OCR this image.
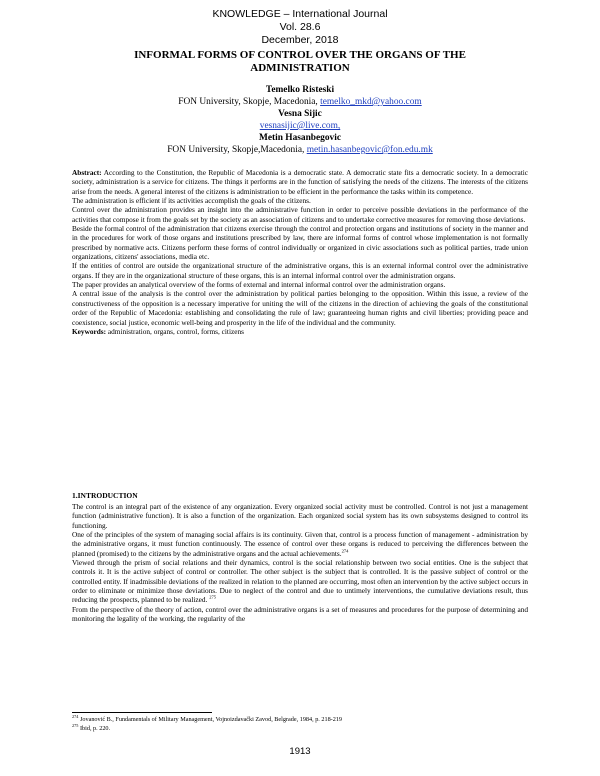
KNOWLEDGE – International Journal
Vol. 28.6
December, 2018
INFORMAL FORMS OF CONTROL OVER THE ORGANS OF THE
ADMINISTRATION
Temelko Risteski
FON University, Skopje, Macedonia, temelko_mkd@yahoo.com
Vesna Sijic
vesnasijic@live.com,
Metin Hasanbegovic
FON University, Skopje,Macedonia, metin.hasanbegovic@fon.edu.mk

Abstract: According to the Constitution, the Republic of Macedonia is a democratic state. A democratic state fits a democratic society. In a democratic society, administration is a service for citizens. The things it performs are in the function of satisfying the needs of the citizens. The interests of the citizens arise from the needs. A general interest of the citizens is administration to be efficient in the performance the tasks within its competence.

The administration is efficient if its activities accomplish the goals of the citizens.

Control over the administration provides an insight into the administrative function in order to perceive possible deviations in the performance of the activities that compose it from the goals set by the society as an association of citizens and to undertake corrective measures for removing those deviations.

Beside the formal control of the administration that citizens exercise through the control and protection organs and institutions of society in the manner and in the procedures for work of those organs and institutions prescribed by law, there are informal forms of control whose implementation is not formally prescribed by normative acts. Citizens perform these forms of control individually or organized in civic associations such as political parties, trade union organizations, citizens' associations, media etc.

If the entities of control are outside the organizational structure of the administrative organs, this is an external informal control over the administrative organs. If they are in the organizational structure of these organs, this is an internal informal control over the administration organs.

The paper provides an analytical overview of the forms of external and internal informal control over the administration organs.

A central issue of the analysis is the control over the administration by political parties belonging to the opposition. Within this issue, a review of the constructiveness of the opposition is a necessary imperative for uniting the will of the citizens in the direction of achieving the goals of the constitutional order of the Republic of Macedonia: establishing and consolidating the rule of law; guaranteeing human rights and civil liberties; providing peace and coexistence, social justice, economic well-being and prosperity in the life of the individual and the community.

Keywords: administration, organs, control, forms, citizens

1.INTRODUCTION

The control is an integral part of the existence of any organization. Every organized social activity must be controlled. Control is not just a management function (administrative function). It is also a function of the organization. Each organized social system has its own subsystems designed to control its functioning.

One of the principles of the system of managing social affairs is its continuity. Given that, control is a process function of management - administration by the administrative organs, it must function continuously. The essence of control over these organs is reduced to perceiving the differences between the planned (promised) to the citizens by the administrative organs and the actual achievements.$^{274}$

Viewed through the prism of social relations and their dynamics, control is the social relationship between two social entities. One is the subject that controls it. It is the active subject of control or controller. The other subject is the subject that is controlled. It is the passive subject of control or the controlled entity. If inadmissible deviations of the realized in relation to the planned are occurring, most often an intervention by the active subject occurs in order to eliminate or minimize those deviations. Due to neglect of the control and due to untimely interventions, the cumulative deviations result, thus reducing the prospects, planned to be realized. $^{275}$

From the perspective of the theory of action, control over the administrative organs is a set of measures and procedures for the purpose of determining and monitoring the legality of the working, the regularity of the

$^{274}$ Jovanović B., Fundamentals of Military Management, Vojnoizdavački Zavod, Belgrade, 1984, p. 218-219
$^{275}$ Ibid, p. 220.
1913
